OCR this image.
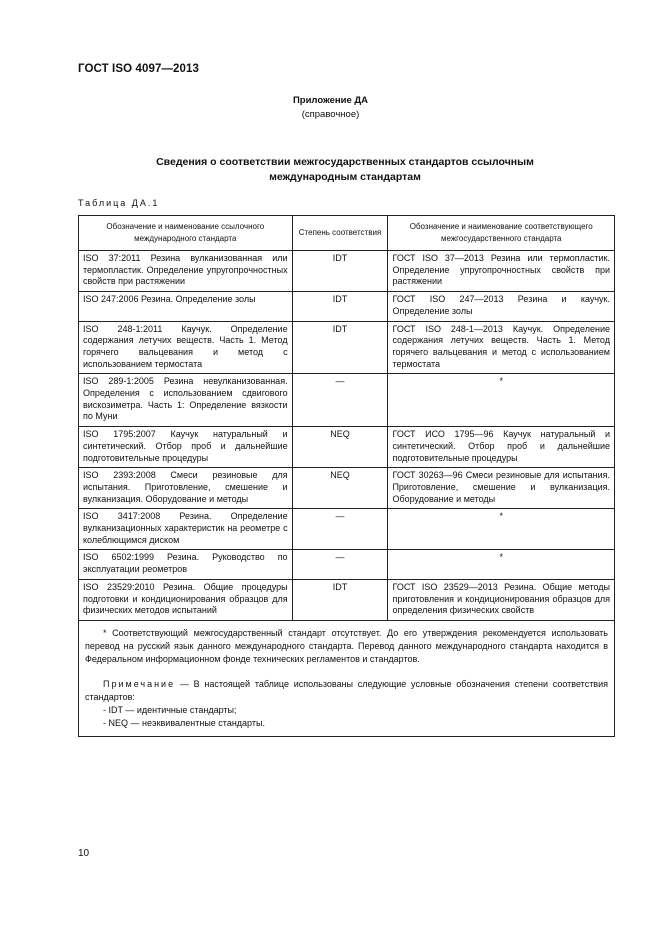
ГОСТ ISO 4097—2013
Приложение ДА
(справочное)
Сведения о соответствии межгосударственных стандартов ссылочным
международным стандартам
Таблица ДА.1
Обозначение и наименование ссылочного международного стандарта	Степень соответствия	Обозначение и наименование соответствующего межгосударственного стандарта
ISO 37:2011 Резина вулканизованная или термопластик. Определение упругопрочностных свойств при растяжении	IDT	ГОСТ ISO 37—2013 Резина или термопластик. Определение упругопрочностных свойств при растяжении
ISO 247:2006 Резина. Определение золы	IDT	ГОСТ ISO 247—2013 Резина и каучук. Определение золы
ISO 248-1:2011 Каучук. Определение содержания летучих веществ. Часть 1. Метод горячего вальцевания и метод с использованием термостата	IDT	ГОСТ ISO 248-1—2013 Каучук. Определение содержания летучих веществ. Часть 1. Метод горячего вальцевания и метод с использованием термостата
ISO 289-1:2005 Резина невулканизованная. Определения с использованием сдвигового вискозиметра. Часть 1: Определение вязкости по Муни	—	*
ISO 1795:2007 Каучук натуральный и синтетический. Отбор проб и дальнейшие подготовительные процедуры	NEQ	ГОСТ ИСО 1795—96 Каучук натуральный и синтетический. Отбор проб и дальнейшие подготовительные процедуры
ISO 2393:2008 Смеси резиновые для испытания. Приготовление, смешение и вулканизация. Оборудование и методы	NEQ	ГОСТ 30263—96 Смеси резиновые для испытания. Приготовление, смешение и вулканизация. Оборудование и методы
ISO 3417:2008 Резина. Определение вулканизационных характеристик на реометре с колеблющимся диском	—	*
ISO 6502:1999 Резина. Руководство по эксплуатации реометров	—	*
ISO 23529:2010 Резина. Общие процедуры подготовки и кондиционирования образцов для физических методов испытаний	IDT	ГОСТ ISO 23529—2013 Резина. Общие методы приготовления и кондиционирования образцов для определения физических свойств

* Соответствующий межгосударственный стандарт отсутствует. До его утверждения рекомендуется использовать перевод на русский язык данного международного стандарта. Перевод данного международного стандарта находится в Федеральном информационном фонде технических регламентов и стандартов.

Примечание — В настоящей таблице использованы следующие условные обозначения степени соответствия стандартов:

- IDT — идентичные стандарты;

- NEQ — неэквивалентные стандарты.		

10
